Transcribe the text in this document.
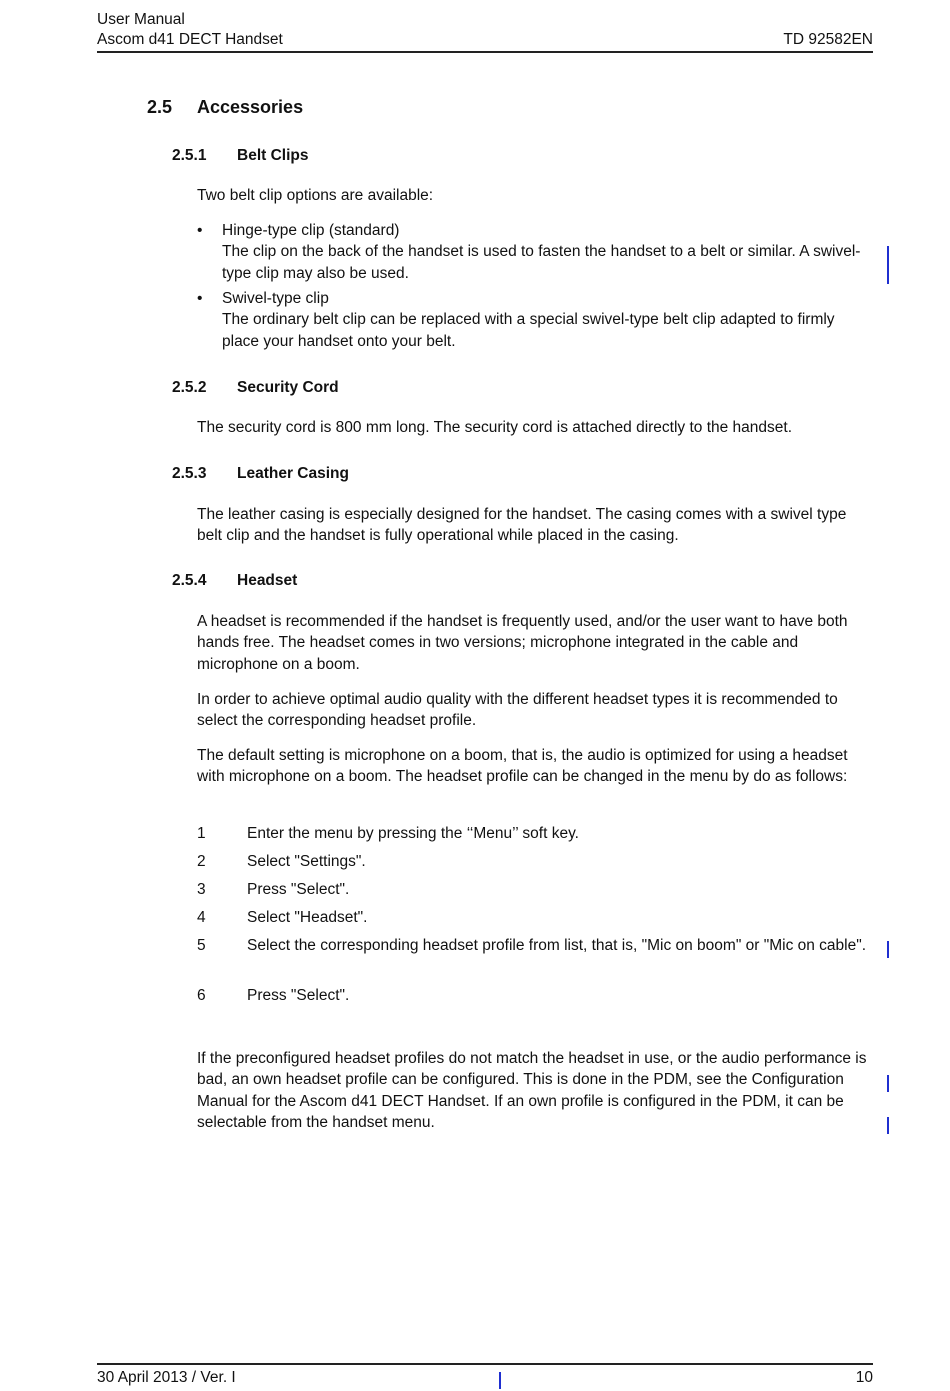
User Manual
Ascom d41 DECT Handset	TD 92582EN
2.5 Accessories
2.5.1 Belt Clips
Two belt clip options are available:
• Hinge-type clip (standard)
The clip on the back of the handset is used to fasten the handset to a belt or similar. A swivel-type clip may also be used.
• Swivel-type clip
The ordinary belt clip can be replaced with a special swivel-type belt clip adapted to firmly place your handset onto your belt.
2.5.2 Security Cord
The security cord is 800 mm long. The security cord is attached directly to the handset.
2.5.3 Leather Casing
The leather casing is especially designed for the handset. The casing comes with a swivel type belt clip and the handset is fully operational while placed in the casing.
2.5.4 Headset
A headset is recommended if the handset is frequently used, and/or the user want to have both hands free. The headset comes in two versions; microphone integrated in the cable and microphone on a boom.
In order to achieve optimal audio quality with the different headset types it is recommended to select the corresponding headset profile.
The default setting is microphone on a boom, that is, the audio is optimized for using a headset with microphone on a boom. The headset profile can be changed in the menu by do as follows:
1	Enter the menu by pressing the ‘‘Menu’’ soft key.
2	Select "Settings".
3	Press "Select".
4	Select "Headset".
5	Select the corresponding headset profile from list, that is, "Mic on boom" or "Mic on cable".
6	Press "Select".
If the preconfigured headset profiles do not match the headset in use, or the audio performance is bad, an own headset profile can be configured. This is done in the PDM, see the Configuration Manual for the Ascom d41 DECT Handset. If an own profile is configured in the PDM, it can be selectable from the handset menu.
30 April 2013 / Ver. I	10
